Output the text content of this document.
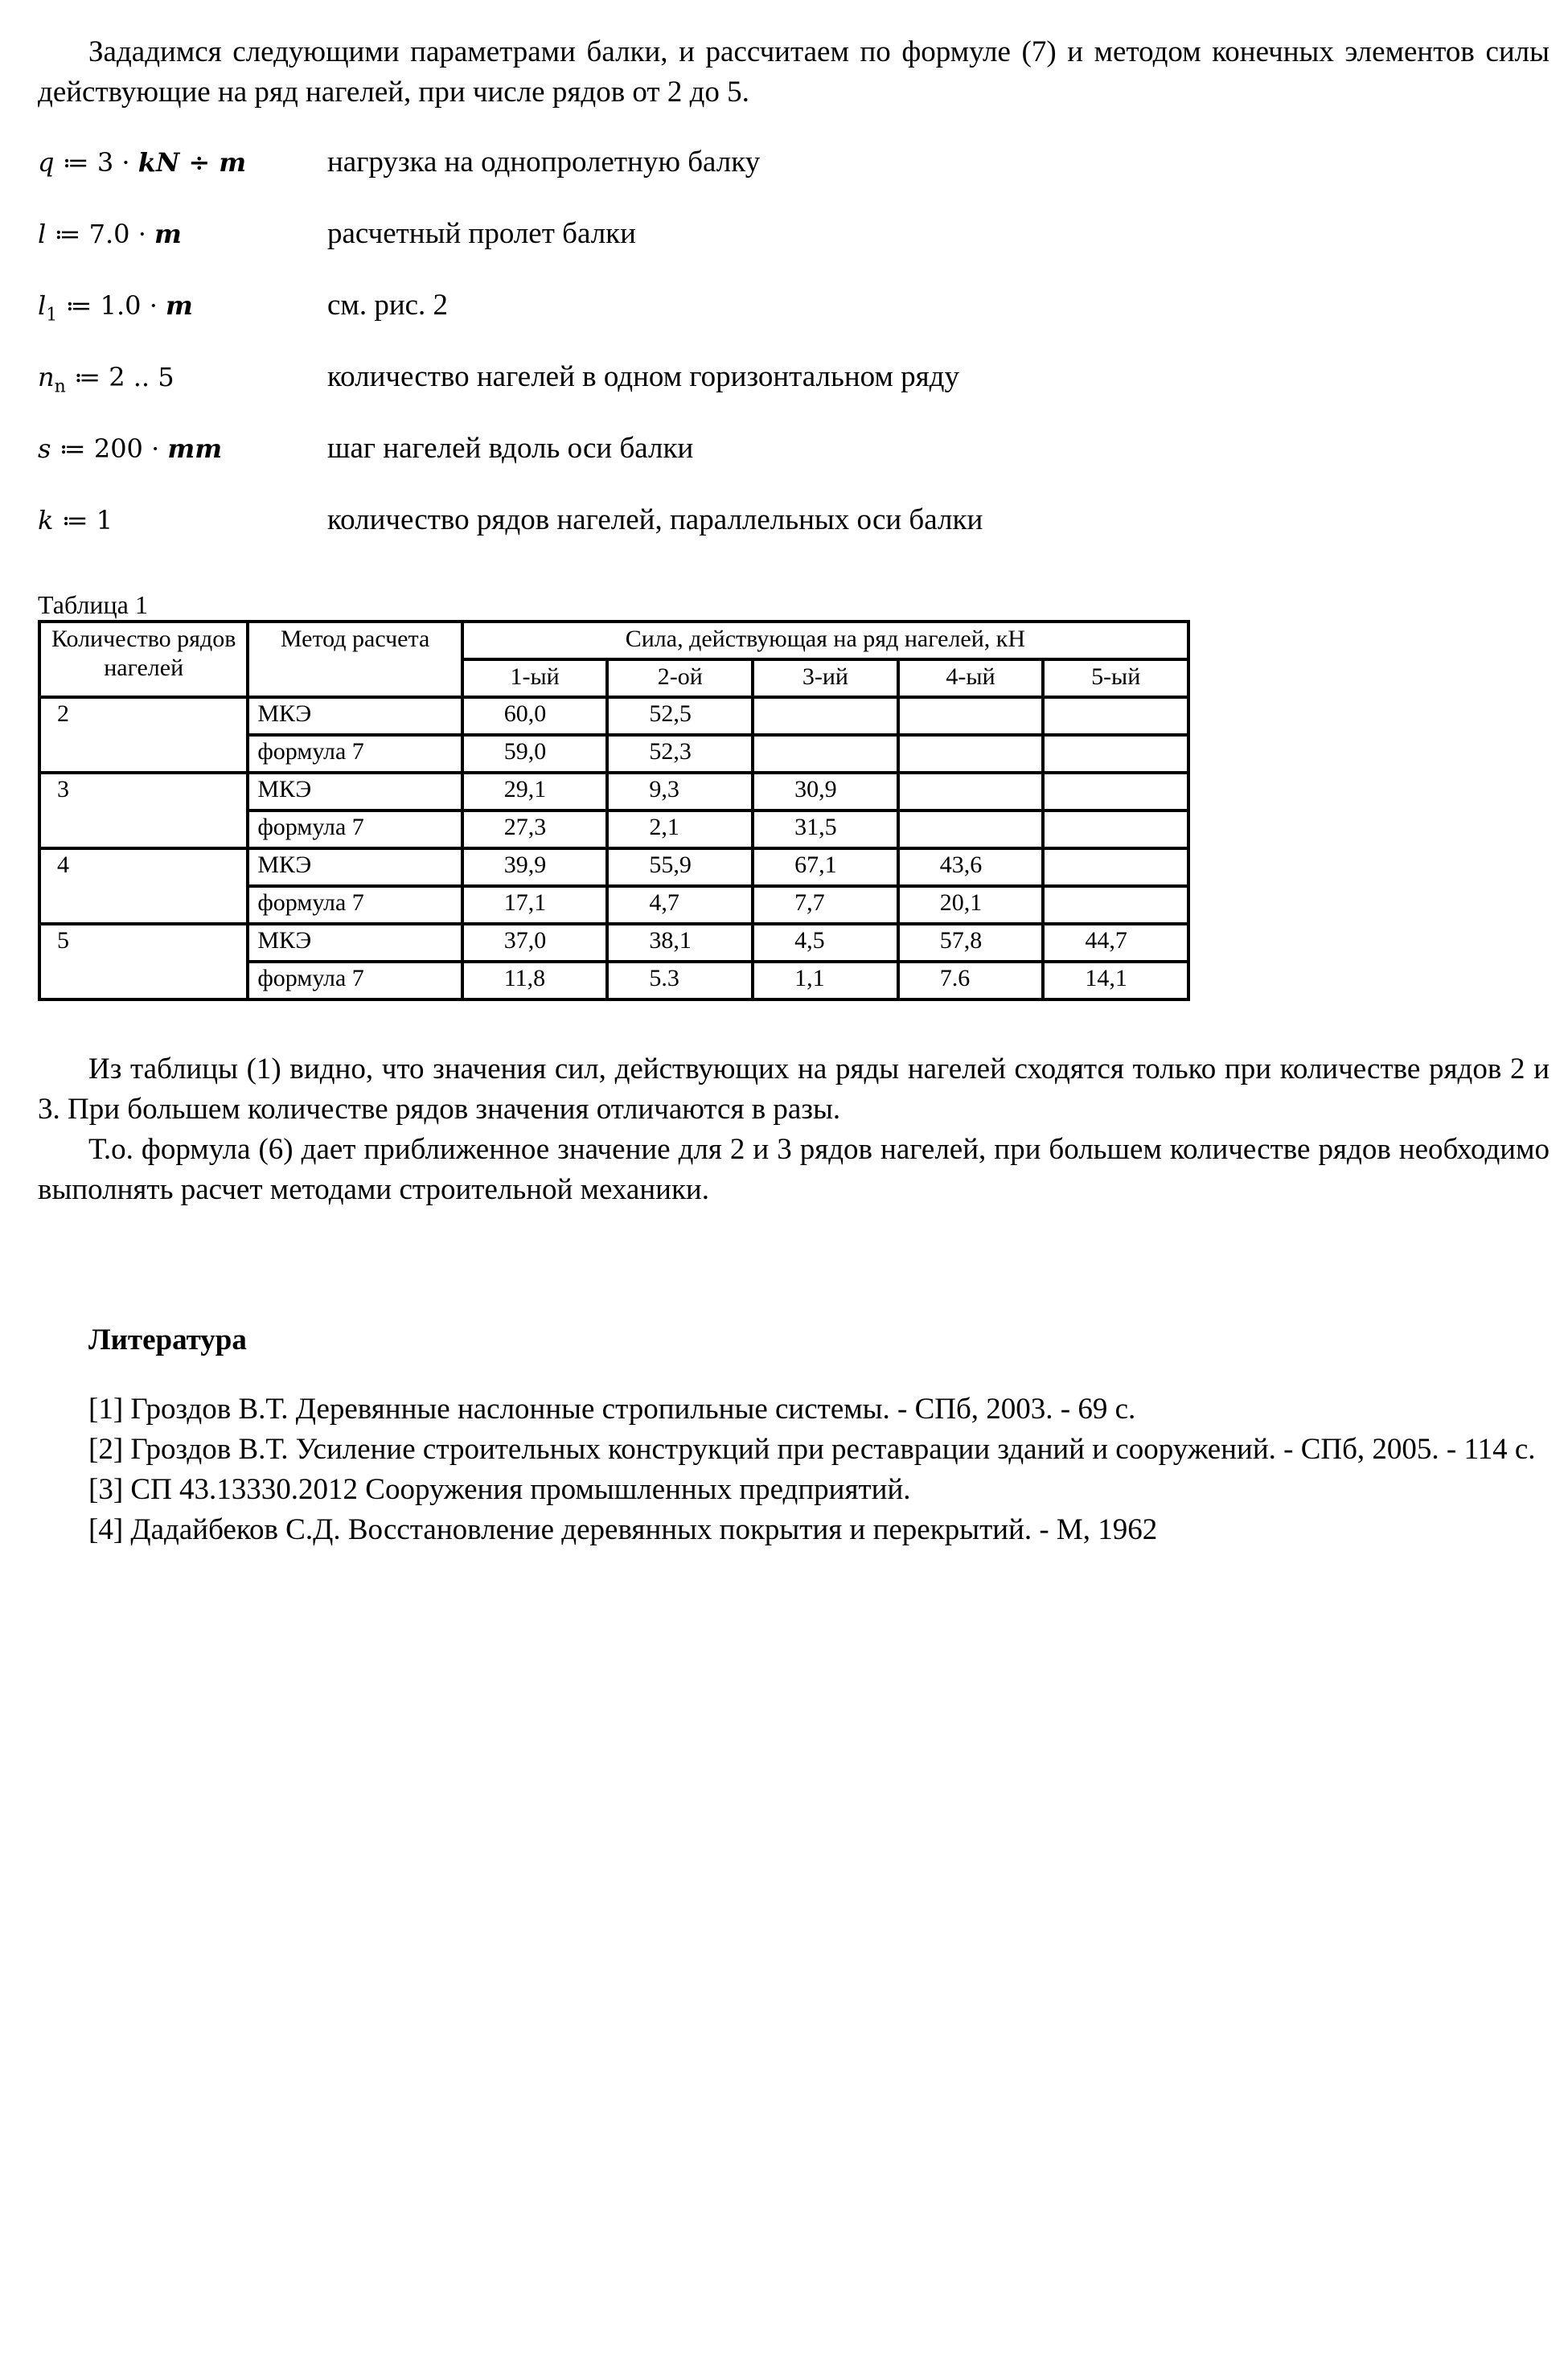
Зададимся следующими параметрами балки, и рассчитаем по формуле (7) и методом конечных элементов силы действующие на ряд нагелей, при числе рядов от 2 до 5.

q ≔ 3 · kN ÷ m	нагрузка на однопролетную балку
l ≔ 7.0 · m	расчетный пролет балки
$l_1$ ≔ 1.0 · m	см. рис. 2
$n_n$ ≔ 2 .. 5	количество нагелей в одном горизонтальном ряду
s ≔ 200 · mm	шаг нагелей вдоль оси балки
k ≔ 1	количество рядов нагелей, параллельных оси балки
Таблица 1
Количество рядов нагелей	Метод расчета	Сила, действующая на ряд нагелей, кН				
		1-ый	2-ой	3-ий	4-ый	5-ый
2	МКЭ	60,0	52,5			
	формула 7	59,0	52,3			
3	МКЭ	29,1	9,3	30,9		
	формула 7	27,3	2,1	31,5		
4	МКЭ	39,9	55,9	67,1	43,6	
	формула 7	17,1	4,7	7,7	20,1	
5	МКЭ	37,0	38,1	4,5	57,8	44,7
	формула 7	11,8	5.3	1,1	7.6	14,1

Из таблицы (1) видно, что значения сил, действующих на ряды нагелей сходятся только при количестве рядов 2 и 3. При большем количестве рядов значения отличаются в разы.

Т.о. формула (6) дает приближенное значение для 2 и 3 рядов нагелей, при большем количестве рядов необходимо выполнять расчет методами строительной механики.

Литература

[1] Гроздов В.Т. Деревянные наслонные стропильные системы. - СПб, 2003. - 69 с.

[2] Гроздов В.Т. Усиление строительных конструкций при реставрации зданий и сооружений. - СПб, 2005. - 114 с.

[3] СП 43.13330.2012 Сооружения промышленных предприятий.

[4] Дадайбеков С.Д. Восстановление деревянных покрытия и перекрытий. - М, 1962
